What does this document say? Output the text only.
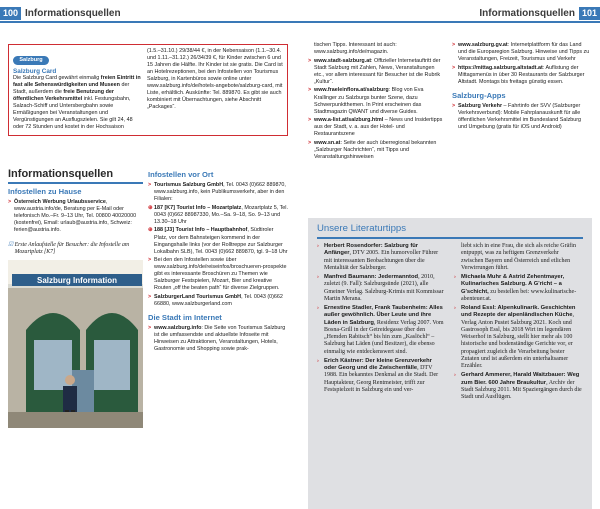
100 Informationsquellen
Salzburg
Salzburg Card

Die Salzburg Card gewährt einmalig freien Eintritt in fast alle Sehenswürdigkeiten und Museen der Stadt, außerdem die freie Benutzung der öffentlichen Verkehrsmittel inkl. Festungsbahn, Salzach-Schiff und Untersbergbahn sowie Ermäßigungen bei Veranstaltungen und Vergünstigungen an Ausflugszielen. Sie gilt 24, 48 oder 72 Stunden und kostet in der Hochsaison

(1.5.–31.10.) 29/38/44 €, in der Nebensaison (1.1.–30.4. und 1.11.–31.12.) 26/34/39 €, für Kinder zwischen 6 und 15 Jahren die Hälfte. Ihr Kinder ist sie gratis. Die Card ist an Hotelrezeptionen, bei den Infostellen von Tourismus Salzburg, in Kartenbüros sowie online unter www.salzburg.info/de/hotels-angebote/salzburg-card, mit Liste, erhältlich. Auskünfte: Tel. 889870. Es gibt sie auch kombiniert mit Übernachtungen, siehe Abschnitt „Packages“.

Informationsquellen
Infostellen zu Hause
> Österreich Werbung Urlaubsservice, www.austria.info/de, Beratung per E-Mail oder telefonisch Mo.–Fr. 9–13 Uhr, Tel. 00800 40020000 (kostenfrei), Email: urlaub@austria.info, Schweiz: ferien@austria.info.
☑ Erste Anlaufstelle für Besucher: die Infostelle am Mozartplatz [K7]
Salzburg Information
Infostellen vor Ort
> Tourismus Salzburg GmbH, Tel. 0043 (0)662 889870, www.salzburg.info, kein Publikumsverkehr, aber in den Filialen:
⊕ 187 [K7] Tourist Info – Mozartplatz, Mozartplatz 5, Tel. 0043 (0)662 88987330, Mo.–Sa. 9–18, So. 9–13 und 13.30–18 Uhr
⊕ 188 [J3] Tourist Info – Hauptbahnhof, Südtiroler Platz, vor dem Bahnsteigen kommend in der Eingangshalle links (vor der Rolltreppe zur Salzburger Lokalbahn SLB), Tel. 0043 (0)662 889870, tgl. 9–18 Uhr
> Bei den den Infostellen sowie über www.salzburg.info/de/reiseinfos/broschueren-prospekte gibt es interessante Broschüren zu Themen wie Salzburger Festspielen, Mozart, Bier und kreative Routen „off the beaten path“ für diverse Zielgruppen.
> SalzburgerLand Tourismus GmbH, Tel. 0043 (0)662 66880, www.salzburgerland.com
Die Stadt im Internet
> www.salzburg.info: Die Seite von Tourismus Salzburg ist die umfassendste und aktuellste Infoseite mit Hinweisen zu Attraktionen, Veranstaltungen, Hotels, Gastronomie und Shopping sowie prak-
Informationsquellen 101
tischen Tipps. Interessant ist auch: www.salzburg.info/de/magazin.
> www.stadt-salzburg.at: Offizieller Internetauftritt der Stadt Salzburg mit Zahlen, News, Veranstaltungen etc., vor allem interessant für Besucher ist die Rubrik „Kultur“.
> www.fraeleinflora.at/salzburg: Blog von Eva Krallinger zu Salzburgs bunter Szene, dazu Schwerpunktthemen. In Print erscheinen das Stadtmagazin QWANT und diverse Guides.
> www.a-list.at/salzburg.html – News und Insidertipps aus der Stadt, v. a. aus der Hotel- und Restaurantszene
> www.sn.at: Seite der auch überregional bekannten „Salzburger Nachrichten“, mit Tipps und Veranstaltungshinweisen
> www.salzburg.gv.at: Internetplattform für das Land und die Europaregion Salzburg. Hinweise und Tipps zu Veranstaltungen, Freizeit, Tourismus und Verkehr
> https://mittag.salzburg.altstadt.at: Auflistung der Mittagsmenüs in über 30 Restaurants der Salzburger Altstadt. Montags bis freitags günstig essen.
Salzburg-Apps
> Salzburg Verkehr – Fahrtinfo der SVV (Salzburger Verkehrsverbund): Mobile Fahrplanauskunft für alle öffentlichen Verkehrsmittel im Bundesland Salzburg und Umgebung (gratis für iOS und Android)
Unsere Literaturtipps
› Herbert Rosendorfer: Salzburg für Anfänger, DTV 2005. Ein humorvoller Führer mit interessanten Beobachtungen über die Mentalität der Salzburger.
› Manfred Baumann: Jedermanntod, 2010, zuletzt (9. Fall): Salzburgsünde (2021), alle Gmeiner Verlag. Salzburg-Krimis mit Kommissar Martin Merana.
› Ernestine Stadler, Frank Taubenheim: Alles außer gewöhnlich. Über Leute und ihre Läden in Salzburg, Residenz Verlag 2007. Vom Bosna-Grill in der Getreidegasse über den „Hemden Rabitsch“ bis hin zum „Kaslöchl“ – Salzburg hat Läden (und Besitzer), die ebenso einmalig wie entdeckenswert sind.
› Erich Kästner: Der kleine Grenzverkehr oder Georg und die Zwischenfälle, DTV 1988. Ein bekanntes Denkmal an die Stadt. Der Hauptakteur, Georg Rentmeister, trifft zur Festspielzeit in Salzburg ein und ver-
liebt sich in eine Frau, die sich als reiche Gräfin entpuppt, was zu heftigem Grenzverkehr zwischen Bayern und Österreich und etlichen Verwirrungen führt.
› Michaela Muhr & Astrid Zehentmayer, Kulinarisches Salzburg. A G'richt – a G'schicht, zu bestellen bei: www.kulinarische-abenteuer.at.
› Roland Essl: Alpenkulinarik. Geschichten und Rezepte der alpenländischen Küche, Verlag Anton Pustet Salzburg 2021. Koch und Gastrosoph Essl, bis 2018 Wirt im legendären Weiserhof in Salzburg, stellt hier mehr als 100 historische und bodenständige Gerichte vor, er propagiert zugleich die Verarbeitung bester Zutaten und ist außerdem ein unterhaltsamer Erzähler.
› Gerhard Ammerer, Harald Waitzbauer: Weg zum Bier. 600 Jahre Braukultur, Archiv der Stadt Salzburg 2011. Mit Spaziergängen durch die Stadt und Ausflügen.
